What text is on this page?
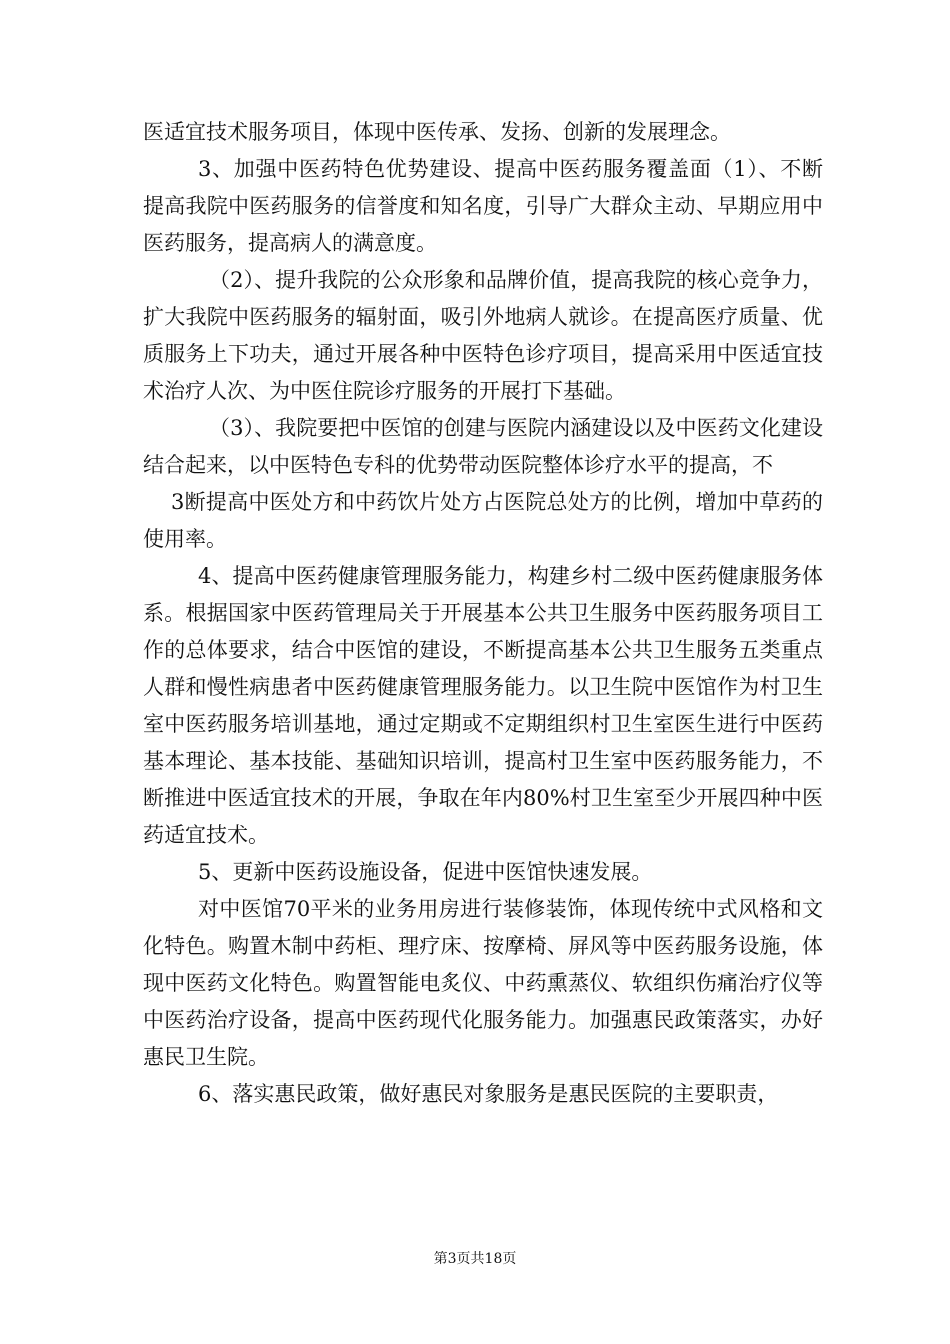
医适宜技术服务项目，体现中医传承、发扬、创新的发展理念。

3、加强中医药特色优势建设、提高中医药服务覆盖面（1）、不断提高我院中医药服务的信誉度和知名度，引导广大群众主动、早期应用中医药服务，提高病人的满意度。

（2）、提升我院的公众形象和品牌价值，提高我院的核心竞争力，扩大我院中医药服务的辐射面，吸引外地病人就诊。在提高医疗质量、优质服务上下功夫，通过开展各种中医特色诊疗项目，提高采用中医适宜技术治疗人次、为中医住院诊疗服务的开展打下基础。

（3）、我院要把中医馆的创建与医院内涵建设以及中医药文化建设结合起来，以中医特色专科的优势带动医院整体诊疗水平的提高，不

3断提高中医处方和中药饮片处方占医院总处方的比例，增加中草药的使用率。

4、提高中医药健康管理服务能力，构建乡村二级中医药健康服务体系。根据国家中医药管理局关于开展基本公共卫生服务中医药服务项目工作的总体要求，结合中医馆的建设，不断提高基本公共卫生服务五类重点人群和慢性病患者中医药健康管理服务能力。以卫生院中医馆作为村卫生室中医药服务培训基地，通过定期或不定期组织村卫生室医生进行中医药基本理论、基本技能、基础知识培训，提高村卫生室中医药服务能力，不断推进中医适宜技术的开展，争取在年内80%村卫生室至少开展四种中医药适宜技术。

5、更新中医药设施设备，促进中医馆快速发展。

对中医馆70平米的业务用房进行装修装饰，体现传统中式风格和文化特色。购置木制中药柜、理疗床、按摩椅、屏风等中医药服务设施，体现中医药文化特色。购置智能电炙仪、中药熏蒸仪、软组织伤痛治疗仪等中医药治疗设备，提高中医药现代化服务能力。加强惠民政策落实，办好惠民卫生院。

6、落实惠民政策，做好惠民对象服务是惠民医院的主要职责，

第3页共18页
